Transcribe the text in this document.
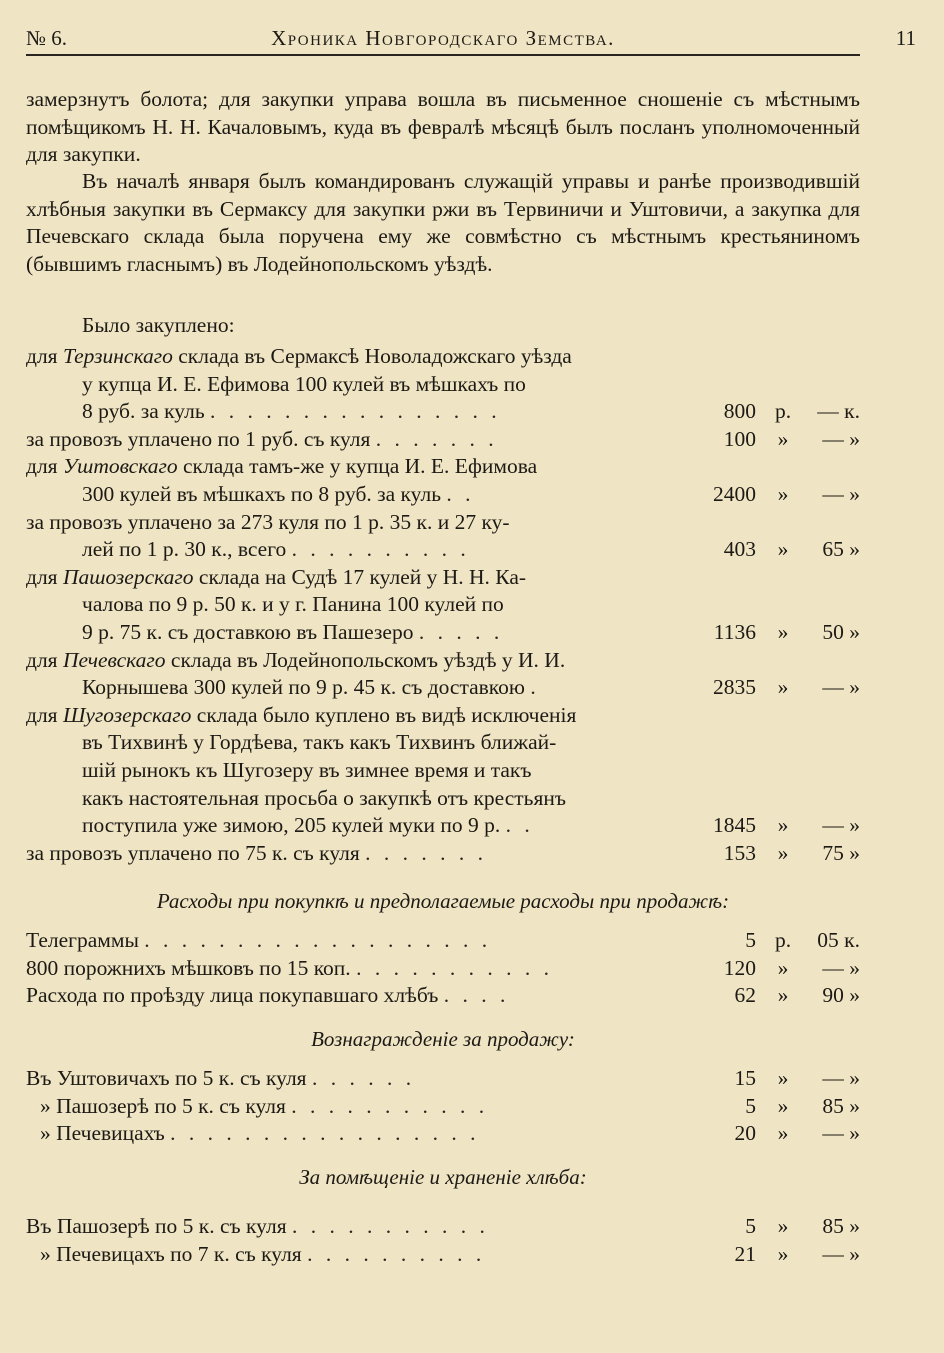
№ 6.	Хроника Новгородскаго Земства.	11
замерзнутъ болота; для закупки управа вошла въ письменное сношеніе съ мѣстнымъ помѣщикомъ Н. Н. Качаловымъ, куда въ февралѣ мѣсяцѣ былъ посланъ уполномоченный для закупки.
Въ началѣ января былъ командированъ служащій управы и ранѣе производившій хлѣбныя закупки въ Сермаксу для закупки ржи въ Тервиничи и Уштовичи, а закупка для Печевскаго склада была поручена ему же совмѣстно съ мѣстнымъ крестьяниномъ (бывшимъ гласнымъ) въ Лодейнопольскомъ уѣздѣ.
Было закуплено:
для Терзинскаго склада въ Сермаксѣ Новоладожскаго уѣзда
у купца И. Е. Ефимова 100 кулей въ мѣшкахъ по
8 руб. за куль . . . . . . . . . . . . . . . .	800 р.	— к.
за провозъ уплачено по 1 руб. съ куля . . . . . . .	100	»	— »
для Уштовскаго склада тамъ-же у купца И. Е. Ефимова
300 кулей въ мѣшкахъ по 8 руб. за куль . .	2400	»	— »
за провозъ уплачено за 273 куля по 1 р. 35 к. и 27 ку-
лей по 1 р. 30 к., всего . . . . . . . . . .	403	»	65 »
для Пашозерскаго склада на Судѣ 17 кулей у Н. Н. Ка-
чалова по 9 р. 50 к. и у г. Панина 100 кулей по
9 р. 75 к. съ доставкою въ Пашезеро . . . . .	1136	»	50 »
для Печевскаго склада въ Лодейнопольскомъ уѣздѣ у И. И.
Корнышева 300 кулей по 9 р. 45 к. съ доставкою .	2835	»	— »
для Шугозерскаго склада было куплено въ видѣ исключенія
въ Тихвинѣ у Гордѣева, такъ какъ Тихвинъ ближай-
шій рынокъ къ Шугозеру въ зимнее время и такъ
какъ настоятельная просьба о закупкѣ отъ крестьянъ
поступила уже зимою, 205 кулей муки по 9 р. . .	1845	»	— »
за провозъ уплачено по 75 к. съ куля . . . . . . .	153	»	75 »
Расходы при покупкѣ и предполагаемые расходы при продажѣ:
Телеграммы . . . . . . . . . . . . . . . . . . .	5 р.	05 к.
800 порожнихъ мѣшковъ по 15 коп. . . . . . . . . . . .	120	»	— »
Расхода по проѣзду лица покупавшаго хлѣбъ . . . .	62	»	90 »
Вознагражденіе за продажу:
Въ Уштовичахъ по 5 к. съ куля . . . . . .	15	»	— »
» Пашозерѣ по 5 к. съ куля . . . . . . . . . . .	5	»	85 »
» Печевицахъ . . . . . . . . . . . . . . . . .	20	»	— »
За помѣщеніе и храненіе хлѣба:
Въ Пашозерѣ по 5 к. съ куля . . . . . . . . . . .	5	»	85 »
» Печевицахъ по 7 к. съ куля . . . . . . . . . .	21	»	— »
